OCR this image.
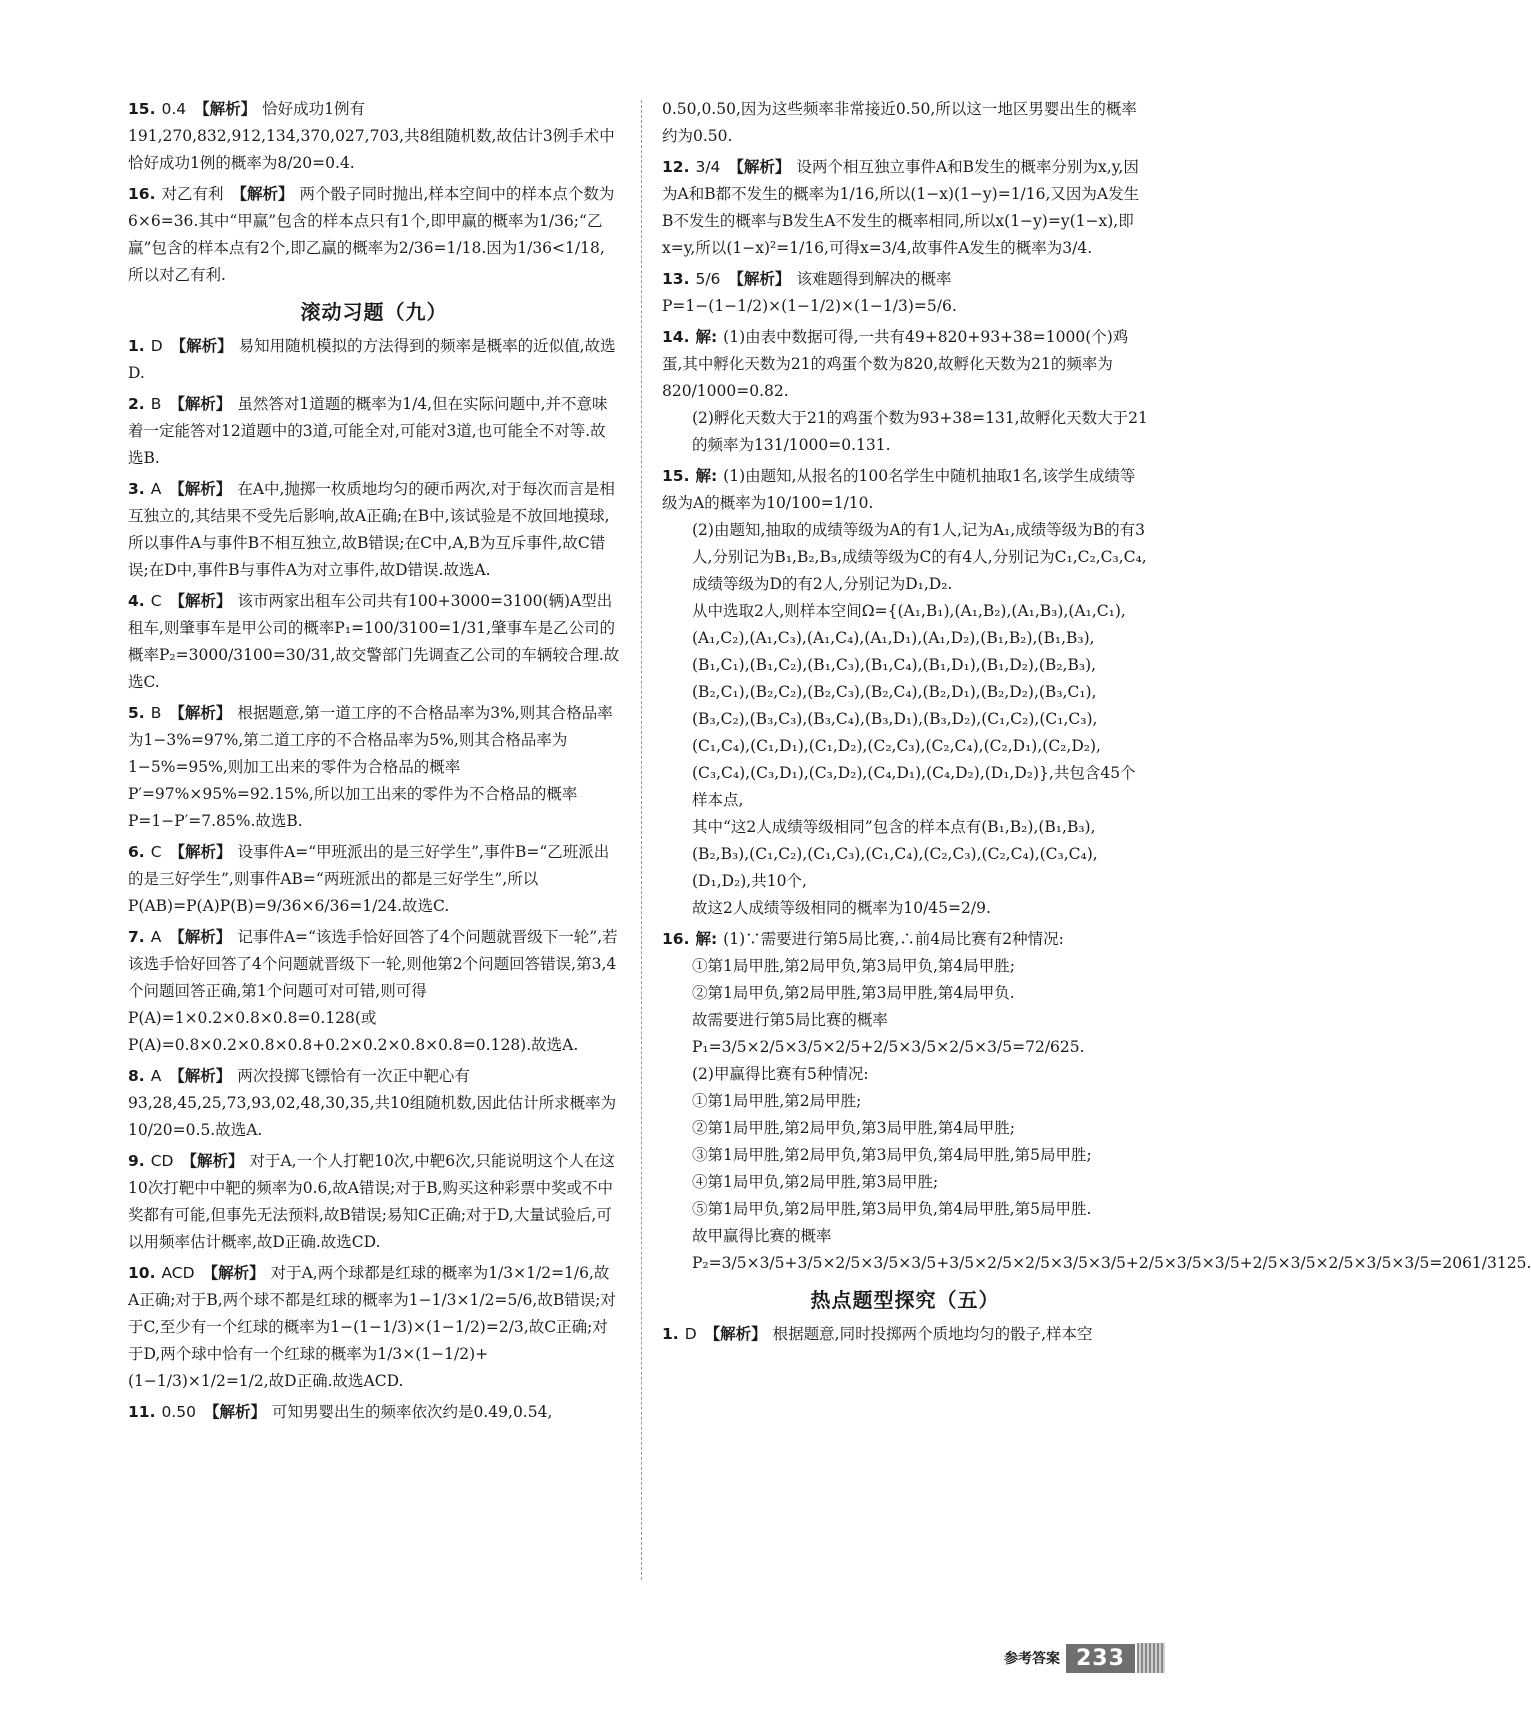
15. 0.4 【解析】 恰好成功1例有191,270,832,912,134,370,027,703,共8组随机数,故估计3例手术中恰好成功1例的概率为8/20=0.4.

16. 对乙有利 【解析】 两个骰子同时抛出,样本空间中的样本点个数为6×6=36.其中“甲赢”包含的样本点只有1个,即甲赢的概率为1/36;“乙赢”包含的样本点有2个,即乙赢的概率为2/36=1/18.因为1/36<1/18,所以对乙有利.

滚动习题（九）

1. D 【解析】 易知用随机模拟的方法得到的频率是概率的近似值,故选D.

2. B 【解析】 虽然答对1道题的概率为1/4,但在实际问题中,并不意味着一定能答对12道题中的3道,可能全对,可能对3道,也可能全不对等.故选B.

3. A 【解析】 在A中,抛掷一枚质地均匀的硬币两次,对于每次而言是相互独立的,其结果不受先后影响,故A正确;在B中,该试验是不放回地摸球,所以事件A与事件B不相互独立,故B错误;在C中,A,B为互斥事件,故C错误;在D中,事件B与事件A为对立事件,故D错误.故选A.

4. C 【解析】 该市两家出租车公司共有100+3000=3100(辆)A型出租车,则肇事车是甲公司的概率P₁=100/3100=1/31,肇事车是乙公司的概率P₂=3000/3100=30/31,故交警部门先调查乙公司的车辆较合理.故选C.

5. B 【解析】 根据题意,第一道工序的不合格品率为3%,则其合格品率为1−3%=97%,第二道工序的不合格品率为5%,则其合格品率为1−5%=95%,则加工出来的零件为合格品的概率P′=97%×95%=92.15%,所以加工出来的零件为不合格品的概率P=1−P′=7.85%.故选B.

6. C 【解析】 设事件A=“甲班派出的是三好学生”,事件B=“乙班派出的是三好学生”,则事件AB=“两班派出的都是三好学生”,所以P(AB)=P(A)P(B)=9/36×6/36=1/24.故选C.

7. A 【解析】 记事件A=“该选手恰好回答了4个问题就晋级下一轮”,若该选手恰好回答了4个问题就晋级下一轮,则他第2个问题回答错误,第3,4个问题回答正确,第1个问题可对可错,则可得P(A)=1×0.2×0.8×0.8=0.128(或P(A)=0.8×0.2×0.8×0.8+0.2×0.2×0.8×0.8=0.128).故选A.

8. A 【解析】 两次投掷飞镖恰有一次正中靶心有93,28,45,25,73,93,02,48,30,35,共10组随机数,因此估计所求概率为10/20=0.5.故选A.

9. CD 【解析】 对于A,一个人打靶10次,中靶6次,只能说明这个人在这10次打靶中中靶的频率为0.6,故A错误;对于B,购买这种彩票中奖或不中奖都有可能,但事先无法预料,故B错误;易知C正确;对于D,大量试验后,可以用频率估计概率,故D正确.故选CD.

10. ACD 【解析】 对于A,两个球都是红球的概率为1/3×1/2=1/6,故A正确;对于B,两个球不都是红球的概率为1−1/3×1/2=5/6,故B错误;对于C,至少有一个红球的概率为1−(1−1/3)×(1−1/2)=2/3,故C正确;对于D,两个球中恰有一个红球的概率为1/3×(1−1/2)+(1−1/3)×1/2=1/2,故D正确.故选ACD.

11. 0.50 【解析】 可知男婴出生的频率依次约是0.49,0.54,

0.50,0.50,因为这些频率非常接近0.50,所以这一地区男婴出生的概率约为0.50.

12. 3/4 【解析】 设两个相互独立事件A和B发生的概率分别为x,y,因为A和B都不发生的概率为1/16,所以(1−x)(1−y)=1/16,又因为A发生B不发生的概率与B发生A不发生的概率相同,所以x(1−y)=y(1−x),即x=y,所以(1−x)²=1/16,可得x=3/4,故事件A发生的概率为3/4.

13. 5/6 【解析】 该难题得到解决的概率P=1−(1−1/2)×(1−1/2)×(1−1/3)=5/6.

14. 解: (1)由表中数据可得,一共有49+820+93+38=1000(个)鸡蛋,其中孵化天数为21的鸡蛋个数为820,故孵化天数为21的频率为820/1000=0.82.

(2)孵化天数大于21的鸡蛋个数为93+38=131,故孵化天数大于21的频率为131/1000=0.131.

15. 解: (1)由题知,从报名的100名学生中随机抽取1名,该学生成绩等级为A的概率为10/100=1/10.

(2)由题知,抽取的成绩等级为A的有1人,记为A₁,成绩等级为B的有3人,分别记为B₁,B₂,B₃,成绩等级为C的有4人,分别记为C₁,C₂,C₃,C₄,成绩等级为D的有2人,分别记为D₁,D₂.

从中选取2人,则样本空间Ω={(A₁,B₁),(A₁,B₂),(A₁,B₃),(A₁,C₁),(A₁,C₂),(A₁,C₃),(A₁,C₄),(A₁,D₁),(A₁,D₂),(B₁,B₂),(B₁,B₃),(B₁,C₁),(B₁,C₂),(B₁,C₃),(B₁,C₄),(B₁,D₁),(B₁,D₂),(B₂,B₃),(B₂,C₁),(B₂,C₂),(B₂,C₃),(B₂,C₄),(B₂,D₁),(B₂,D₂),(B₃,C₁),(B₃,C₂),(B₃,C₃),(B₃,C₄),(B₃,D₁),(B₃,D₂),(C₁,C₂),(C₁,C₃),(C₁,C₄),(C₁,D₁),(C₁,D₂),(C₂,C₃),(C₂,C₄),(C₂,D₁),(C₂,D₂),(C₃,C₄),(C₃,D₁),(C₃,D₂),(C₄,D₁),(C₄,D₂),(D₁,D₂)},共包含45个样本点,

其中“这2人成绩等级相同”包含的样本点有(B₁,B₂),(B₁,B₃),(B₂,B₃),(C₁,C₂),(C₁,C₃),(C₁,C₄),(C₂,C₃),(C₂,C₄),(C₃,C₄),(D₁,D₂),共10个,

故这2人成绩等级相同的概率为10/45=2/9.

16. 解: (1)∵需要进行第5局比赛,∴前4局比赛有2种情况:

①第1局甲胜,第2局甲负,第3局甲负,第4局甲胜;

②第1局甲负,第2局甲胜,第3局甲胜,第4局甲负.

故需要进行第5局比赛的概率

P₁=3/5×2/5×3/5×2/5+2/5×3/5×2/5×3/5=72/625.

(2)甲赢得比赛有5种情况:

①第1局甲胜,第2局甲胜;

②第1局甲胜,第2局甲负,第3局甲胜,第4局甲胜;

③第1局甲胜,第2局甲负,第3局甲负,第4局甲胜,第5局甲胜;

④第1局甲负,第2局甲胜,第3局甲胜;

⑤第1局甲负,第2局甲胜,第3局甲负,第4局甲胜,第5局甲胜.

故甲赢得比赛的概率

P₂=3/5×3/5+3/5×2/5×3/5×3/5+3/5×2/5×2/5×3/5×3/5+2/5×3/5×3/5+2/5×3/5×2/5×3/5×3/5=2061/3125.

热点题型探究（五）

1. D 【解析】 根据题意,同时投掷两个质地均匀的骰子,样本空

参考答案 233
